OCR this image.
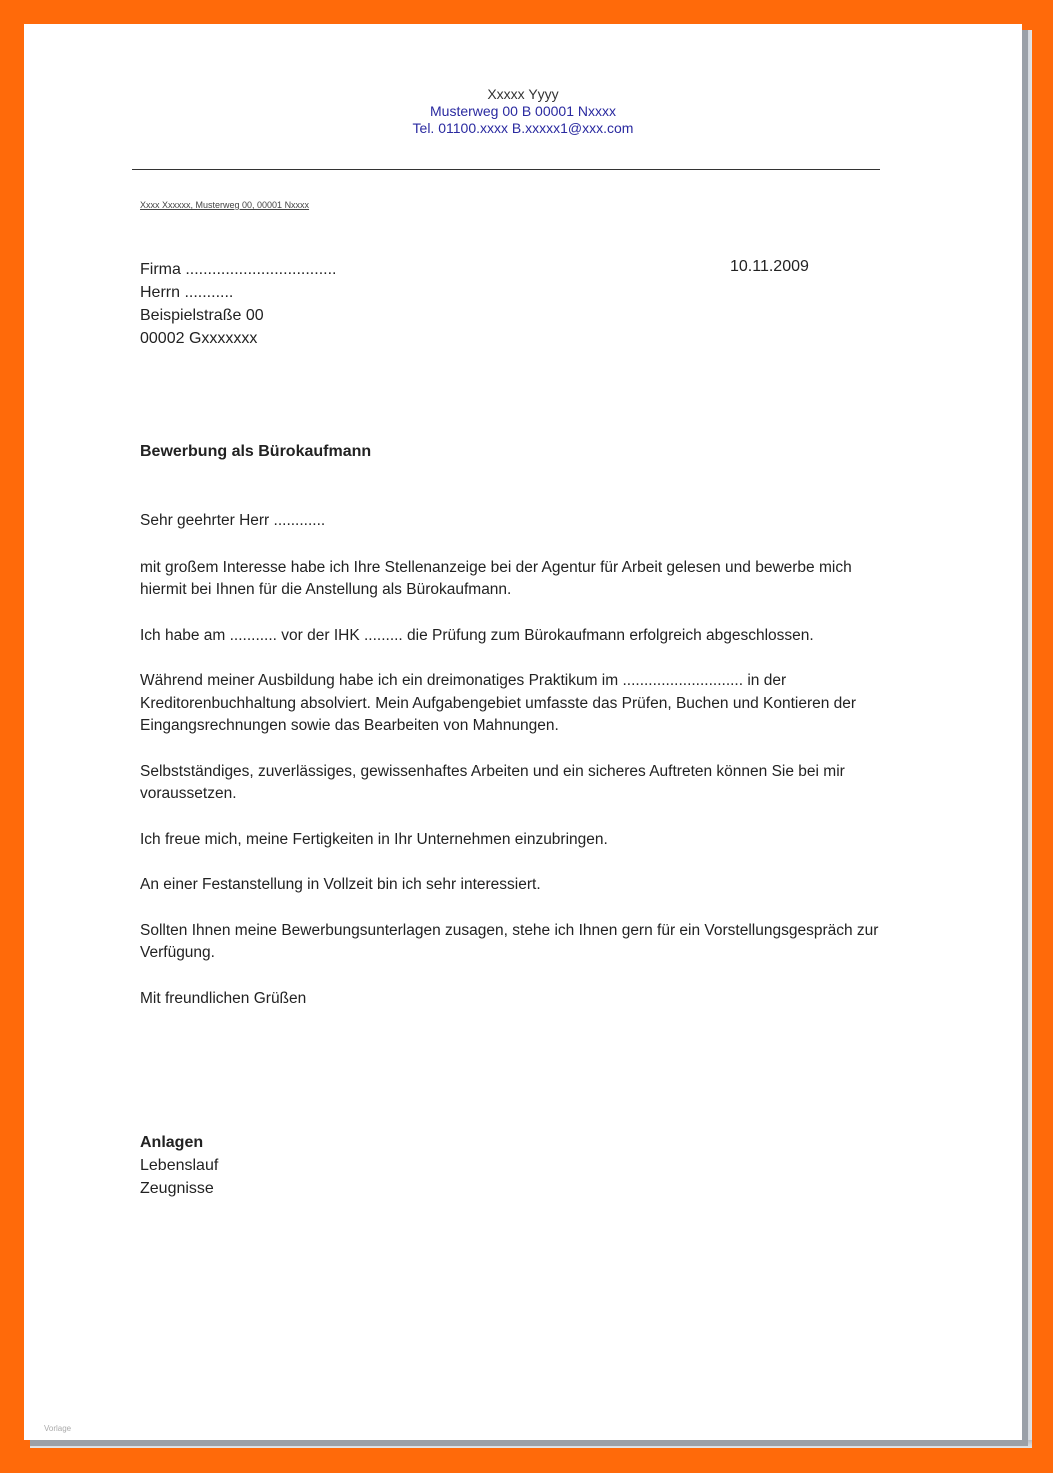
Xxxxx Yyyy
Musterweg 00 B 00001 Nxxxx
Tel. 01100.xxxx B.xxxxx1@xxx.com
Xxxx Xxxxxx, Musterweg 00, 00001 Nxxxx
Firma ..................................
Herrn ...........
Beispielstraße 00
00002 Gxxxxxxx
10.11.2009
Bewerbung als Bürokaufmann

Sehr geehrter Herr ............

mit großem Interesse habe ich Ihre Stellenanzeige bei der Agentur für Arbeit gelesen und bewerbe mich hiermit bei Ihnen für die Anstellung als Bürokaufmann.

Ich habe am ........... vor der IHK ......... die Prüfung zum Bürokaufmann erfolgreich abgeschlossen.

Während meiner Ausbildung habe ich ein dreimonatiges Praktikum im ............................ in der Kreditorenbuchhaltung absolviert. Mein Aufgabengebiet umfasste das Prüfen, Buchen und Kontieren der Eingangsrechnungen sowie das Bearbeiten von Mahnungen.

Selbstständiges, zuverlässiges, gewissenhaftes Arbeiten und ein sicheres Auftreten können Sie bei mir voraussetzen.

Ich freue mich, meine Fertigkeiten in Ihr Unternehmen einzubringen.

An einer Festanstellung in Vollzeit bin ich sehr interessiert.

Sollten Ihnen meine Bewerbungsunterlagen zusagen, stehe ich Ihnen gern für ein Vorstellungsgespräch zur Verfügung.

Mit freundlichen Grüßen

Anlagen
Lebenslauf
Zeugnisse
Vorlage
